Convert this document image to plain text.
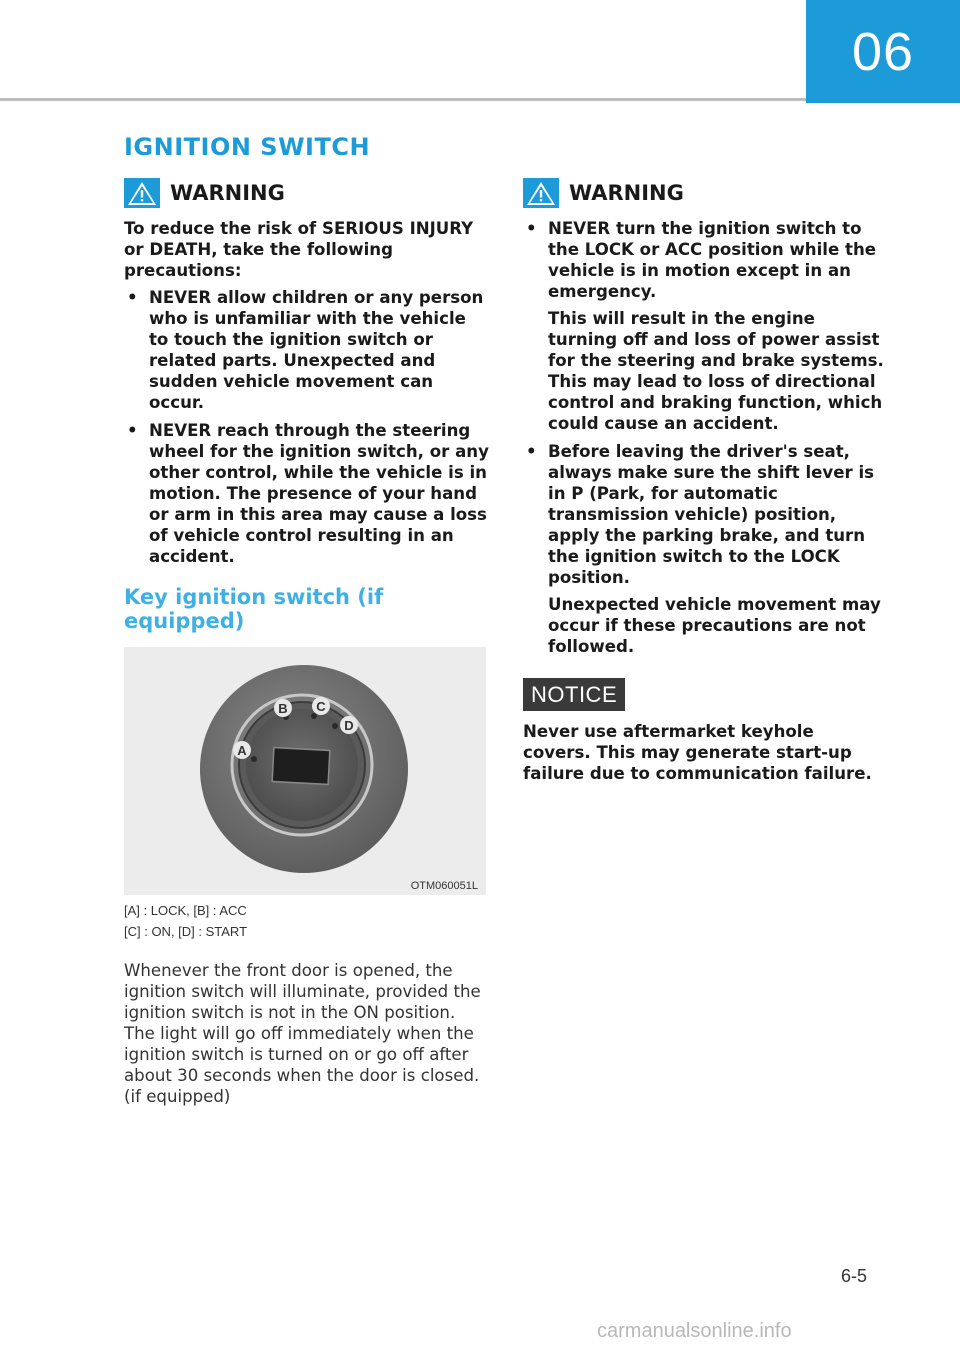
06
IGNITION SWITCH
WARNING

To reduce the risk of SERIOUS INJURY or DEATH, take the following precautions:

• NEVER allow children or any person who is unfamiliar with the vehicle to touch the ignition switch or related parts. Unexpected and sudden vehicle movement can occur.
• NEVER reach through the steering wheel for the ignition switch, or any other control, while the vehicle is in motion. The presence of your hand or arm in this area may cause a loss of vehicle control resulting in an accident.
Key ignition switch (if equipped)
A
B C
D
OTM060051L
[A] : LOCK, [B] : ACC
[C] : ON, [D] : START

Whenever the front door is opened, the ignition switch will illuminate, provided the ignition switch is not in the ON position. The light will go off immediately when the ignition switch is turned on or go off after about 30 seconds when the door is closed. (if equipped)

WARNING

• NEVER turn the ignition switch to the LOCK or ACC position while the vehicle is in motion except in an emergency.

This will result in the engine turning off and loss of power assist for the steering and brake systems. This may lead to loss of directional control and braking function, which could cause an accident.

• Before leaving the driver's seat, always make sure the shift lever is in P (Park, for automatic transmission vehicle) position, apply the parking brake, and turn the ignition switch to the LOCK position.

Unexpected vehicle movement may occur if these precautions are not followed.

NOTICE

Never use aftermarket keyhole covers. This may generate start-up failure due to communication failure.

6-5
carmanualsonline.info
